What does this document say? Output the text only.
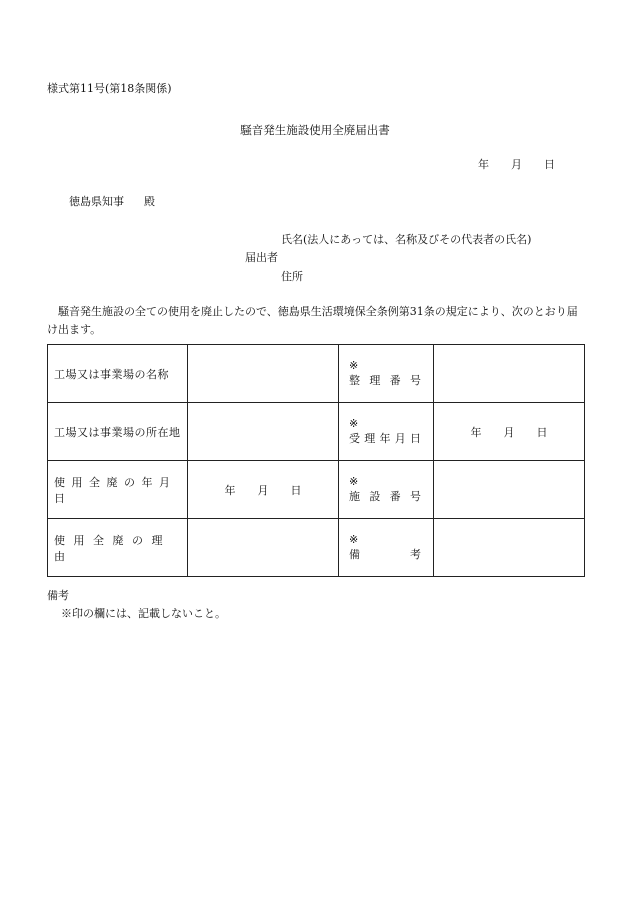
様式第11号(第18条関係)
騒音発生施設使用全廃届出書
年 月 日
徳島県知事 殿
氏名(法人にあっては、名称及びその代表者の氏名)
届出者
住所
　騒音発生施設の全ての使用を廃止したので、徳島県生活環境保全条例第31条の規定により、次のとおり届け出ます。
工場又は事業場の名称		※整 理 番 号	
工場又は事業場の所在地		※受理年月日	年 月 日
使用全廃の年月日	年 月 日	※施 設 番 号	
使用全廃の理由		※備　　　考	
備考
※印の欄には、記載しないこと。
